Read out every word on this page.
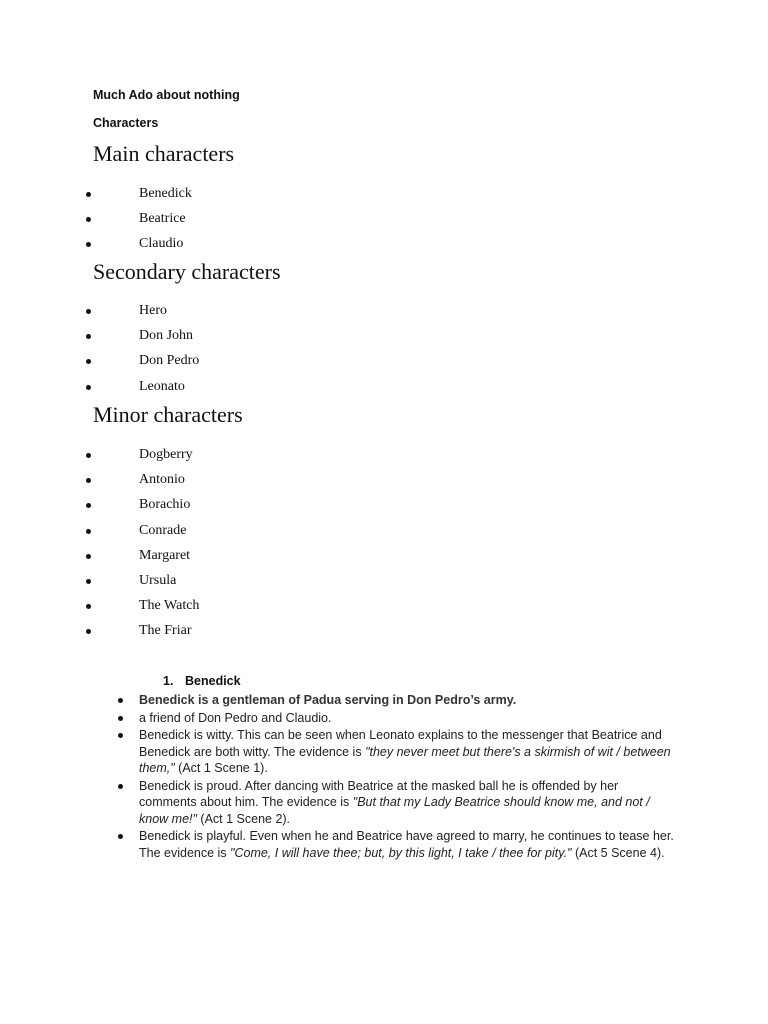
Much Ado about nothing
Characters
Main characters
Benedick
Beatrice
Claudio
Secondary characters
Hero
Don John
Don Pedro
Leonato
Minor characters
Dogberry
Antonio
Borachio
Conrade
Margaret
Ursula
The Watch
The Friar
1. Benedick
Benedick is a gentleman of Padua serving in Don Pedro’s army.
a friend of Don Pedro and Claudio.
Benedick is witty. This can be seen when Leonato explains to the messenger that Beatrice and Benedick are both witty. The evidence is "they never meet but there's a skirmish of wit / between them," (Act 1 Scene 1).
Benedick is proud. After dancing with Beatrice at the masked ball he is offended by her comments about him. The evidence is "But that my Lady Beatrice should know me, and not / know me!" (Act 1 Scene 2).
Benedick is playful. Even when he and Beatrice have agreed to marry, he continues to tease her. The evidence is "Come, I will have thee; but, by this light, I take / thee for pity." (Act 5 Scene 4).
